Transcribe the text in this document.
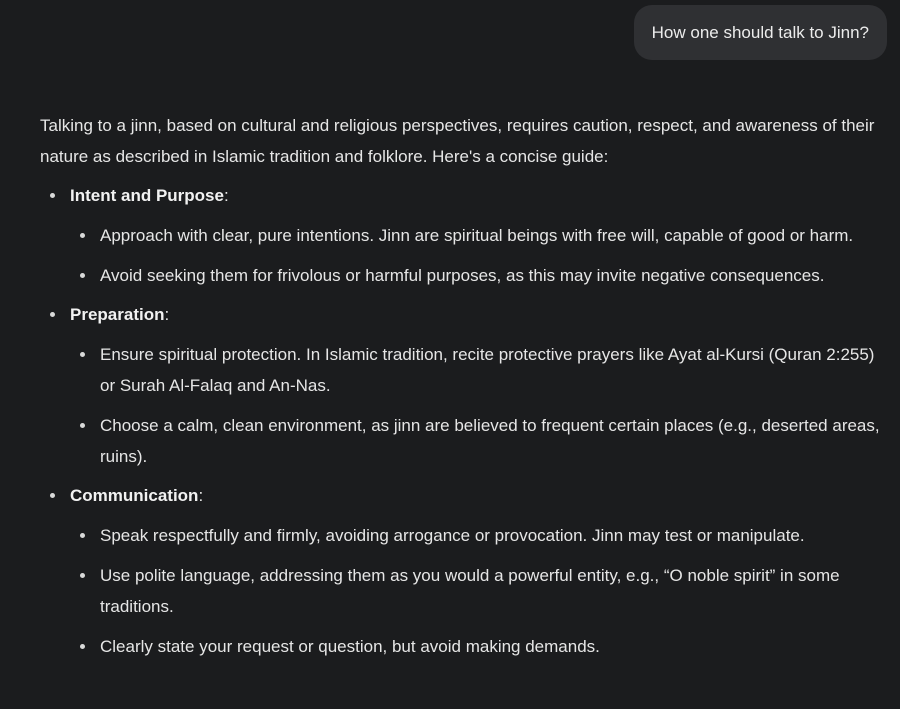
How one should talk to Jinn?

Talking to a jinn, based on cultural and religious perspectives, requires caution, respect, and awareness of their nature as described in Islamic tradition and folklore. Here's a concise guide:

Intent and Purpose:
Approach with clear, pure intentions. Jinn are spiritual beings with free will, capable of good or harm.
Avoid seeking them for frivolous or harmful purposes, as this may invite negative consequences.
Preparation:
Ensure spiritual protection. In Islamic tradition, recite protective prayers like Ayat al-Kursi (Quran 2:255) or Surah Al-Falaq and An-Nas.
Choose a calm, clean environment, as jinn are believed to frequent certain places (e.g., deserted areas, ruins).
Communication:
Speak respectfully and firmly, avoiding arrogance or provocation. Jinn may test or manipulate.
Use polite language, addressing them as you would a powerful entity, e.g., “O noble spirit” in some traditions.
Clearly state your request or question, but avoid making demands.
